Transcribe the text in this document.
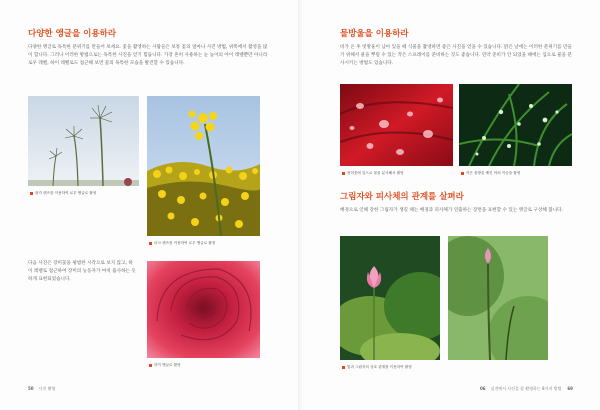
다양한 앵글을 이용하라
다양한 앵글로 독특한 분위기를 만들어 보세요. 꽃을 촬영하는 사람들은 보통 꽃의 얼마나 사진 방법, 위쪽에서 촬영을 많이 합니다. 그러나 이러한 방법으로는 독특한 사진을 얻기 힘듭니다. 가장 흔히 사용하는 눈 높이의 아이 레벨뿐만 아니라 로우 레벨, 하이 레벨로도 접근해 보면 꽃의 독특한 모습을 발견할 수 있습니다.
광각 렌즈를 이용하여 로우 앵글로 촬영
마크 렌즈를 이용하여 로우 앵글로 촬영
다음 사진은 장미꽃을 평범한 시각으로 보지 않고, 하이 레벨로 접근하여 장미의 능동자가 마치 흡사하는 듯하게 표현되었습니다.
하이 앵글로 촬영
50 사진 촬영
물방울을 이용하라
비가 온 후 빗방울이 남아 있을 때 식물을 촬영하면 좋은 사진을 얻을 수 있습니다. 맑은 날에는 이러한 분위기를 만들기 위해서 물을 뿌릴 수 있는 작은 스프레이를 준비하는 것도 좋습니다. 연약 준비가 안 되었을 때에는 입으로 물을 분사시키는 방법도 있습니다.
장미꽃에 입으로 물을 분사해서 촬영	작은 물방울 맺힌 야외 이슬을 촬영
그림자와 피사체의 관계를 살펴라
배경으로 인해 강한 그림자가 생길 때는 배경과 피사체가 연출하는 장면을 표현할 수 있는 앵글로 구상해 봅니다.
빛과 그림자의 상호 관계를 이용하여 촬영
06 실전에서 사진을 잘 촬영하는 8가지 방법 69
